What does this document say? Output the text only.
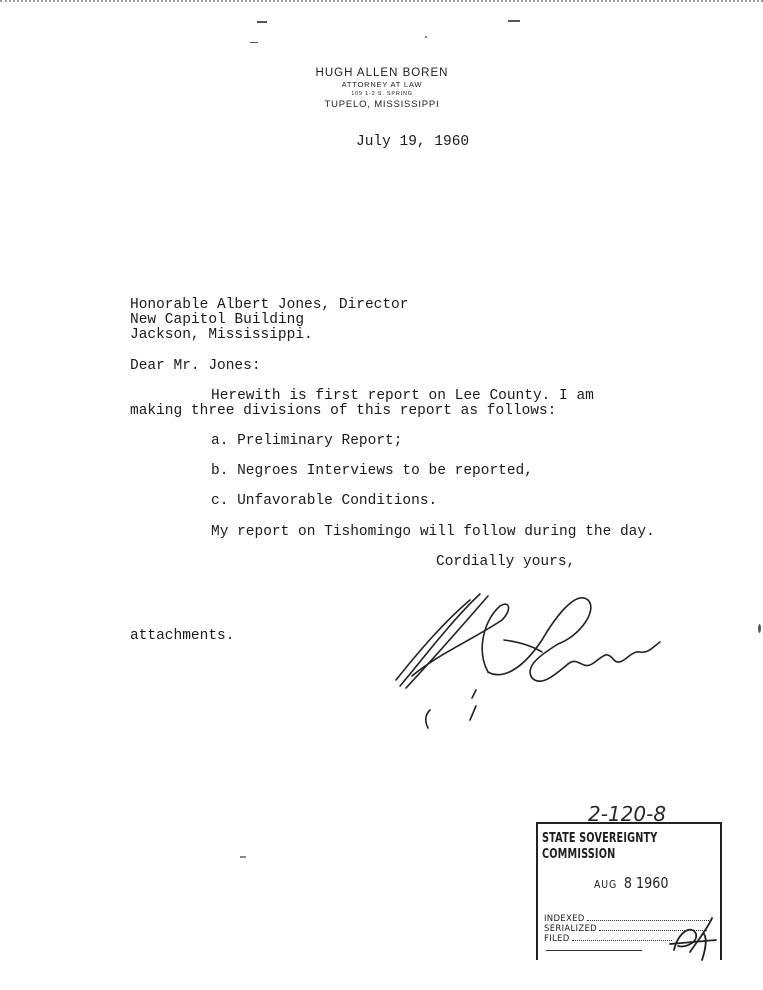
HUGH ALLEN BOREN
ATTORNEY AT LAW
109 1-2 S. SPRING
TUPELO, MISSISSIPPI
July 19, 1960
Honorable Albert Jones, Director
New Capitol Building
Jackson, Mississippi.
Dear Mr. Jones:
Herewith is first report on Lee County. I am
making three divisions of this report as follows:
a. Preliminary Report;
b. Negroes Interviews to be reported,
c. Unfavorable Conditions.
My report on Tishomingo will follow during the day.
Cordially yours,
attachments.
2-120-8
STATE SOVEREIGNTY COMMISSION
AUG 8 1960
INDEXED
SERIALIZED
FILED
